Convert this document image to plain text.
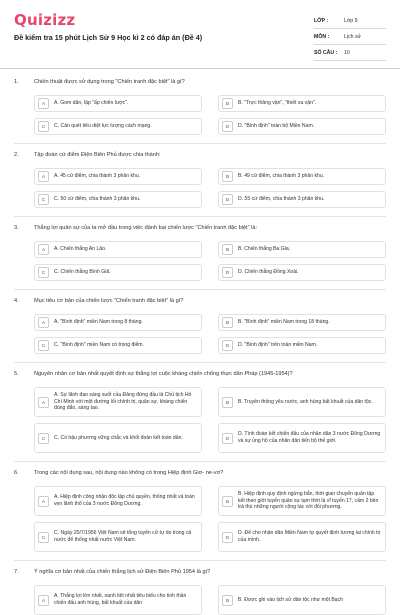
Quizizz
Đề kiểm tra 15 phút Lịch Sử 9 Học kì 2 có đáp án (Đề 4)
LỚP :	Lớp 9
MÔN :	Lịch sử
SỐ CÂU :	10
1.	Chiến thuật được sử dụng trong "Chiến tranh đặc biệt" là gì?
A	A. Gom dân, lập "ấp chiến lược".	B	B. "Trực thăng vận", "thiết xa vận".
C	C. Cản quét tiêu diệt lực lượng cách mạng.	D	D. "Bình định" toàn bộ Miền Nam.
2.	Tập đoàn cứ điểm Điện Biên Phủ được chia thành:
A	A. 45 cứ điểm, chia thành 3 phân khu.	B	B. 49 cứ điểm, chia thành 3 phân khu.
C	C. 50 cứ điểm, chia thành 3 phân khu.	D	D. 55 cứ điểm, chia thành 3 phân khu.
3.	Thắng lợi quân sự của ta mở đầu trong việc đánh bại chiến lược "Chiến tranh đặc biệt" là:
A	A. Chiến thắng An Lão.	B	B. Chiến thắng Ba Gia.
C	C. Chiến thắng Bình Giã.	D	D. Chiến thắng Đồng Xoài.
4.	Mục tiêu cơ bản của chiến lược "Chiến tranh đặc biệt" là gì?
A	A. "Bình định" miền Nam trong 8 tháng.	B	B. "Bình định" miền Nam trong 18 tháng.
C	C. "Bình định" miền Nam có trọng điểm.	D	D. "Bình định" trên toàn miền Nam.
5.	Nguyên nhân cơ bản nhất quyết định sự thắng lợi cuộc kháng chiến chống thực dân Pháp (1945-1954)?
A
A. Sự lãnh đạo sáng suốt của Đảng đứng đầu là Chủ tịch Hồ Chí Minh với một đường lối chính trị, quân sự, kháng chiến đúng đắn, sáng tạo.
B	B. Truyền thống yêu nước, anh hùng bất khuất của dân tộc.
C	C. Có hậu phương vững chắc và khối đoàn kết toàn dân.	D
D. Tình đoàn kết chiến đấu của nhân dân 3 nước Đông Dương và sự ủng hộ của nhân dân tiến bộ thế giới.
6.	Trong các nội dung sau, nội dung nào không có trong Hiệp định Giơ- ne-vơ?
A
A. Hiệp định công nhận độc lập chủ quyền, thống nhất và toàn vẹn lãnh thổ của 3 nước Đông Dương.	B
B. Hiệp định quy định ngừng bắn, thời gian chuyển quân tập kết theo giới tuyến quân sự tạm thời là vĩ tuyến 17, cấm 2 bên trả thù những người cộng tác với đối phương.
C
C. Ngày 20/7/1956 Việt Nam sẽ tổng tuyển cử tự do trong cả nước để thống nhất nước Việt Nam.	D
D. Để cho nhân dân Miền Nam tự quyết định tương lai chính trị của mình.
7.	Ý nghĩa cơ bản nhất của chiến thắng lịch sử Điện Biên Phủ 1954 là gì?
A
A. Thắng lợi lớn nhất, oanh liệt nhất tiêu biểu cho tinh thần chiến đấu anh hùng, bất khuất của dân	B	B. Được ghi vào lịch sử dân tộc như một Bạch
